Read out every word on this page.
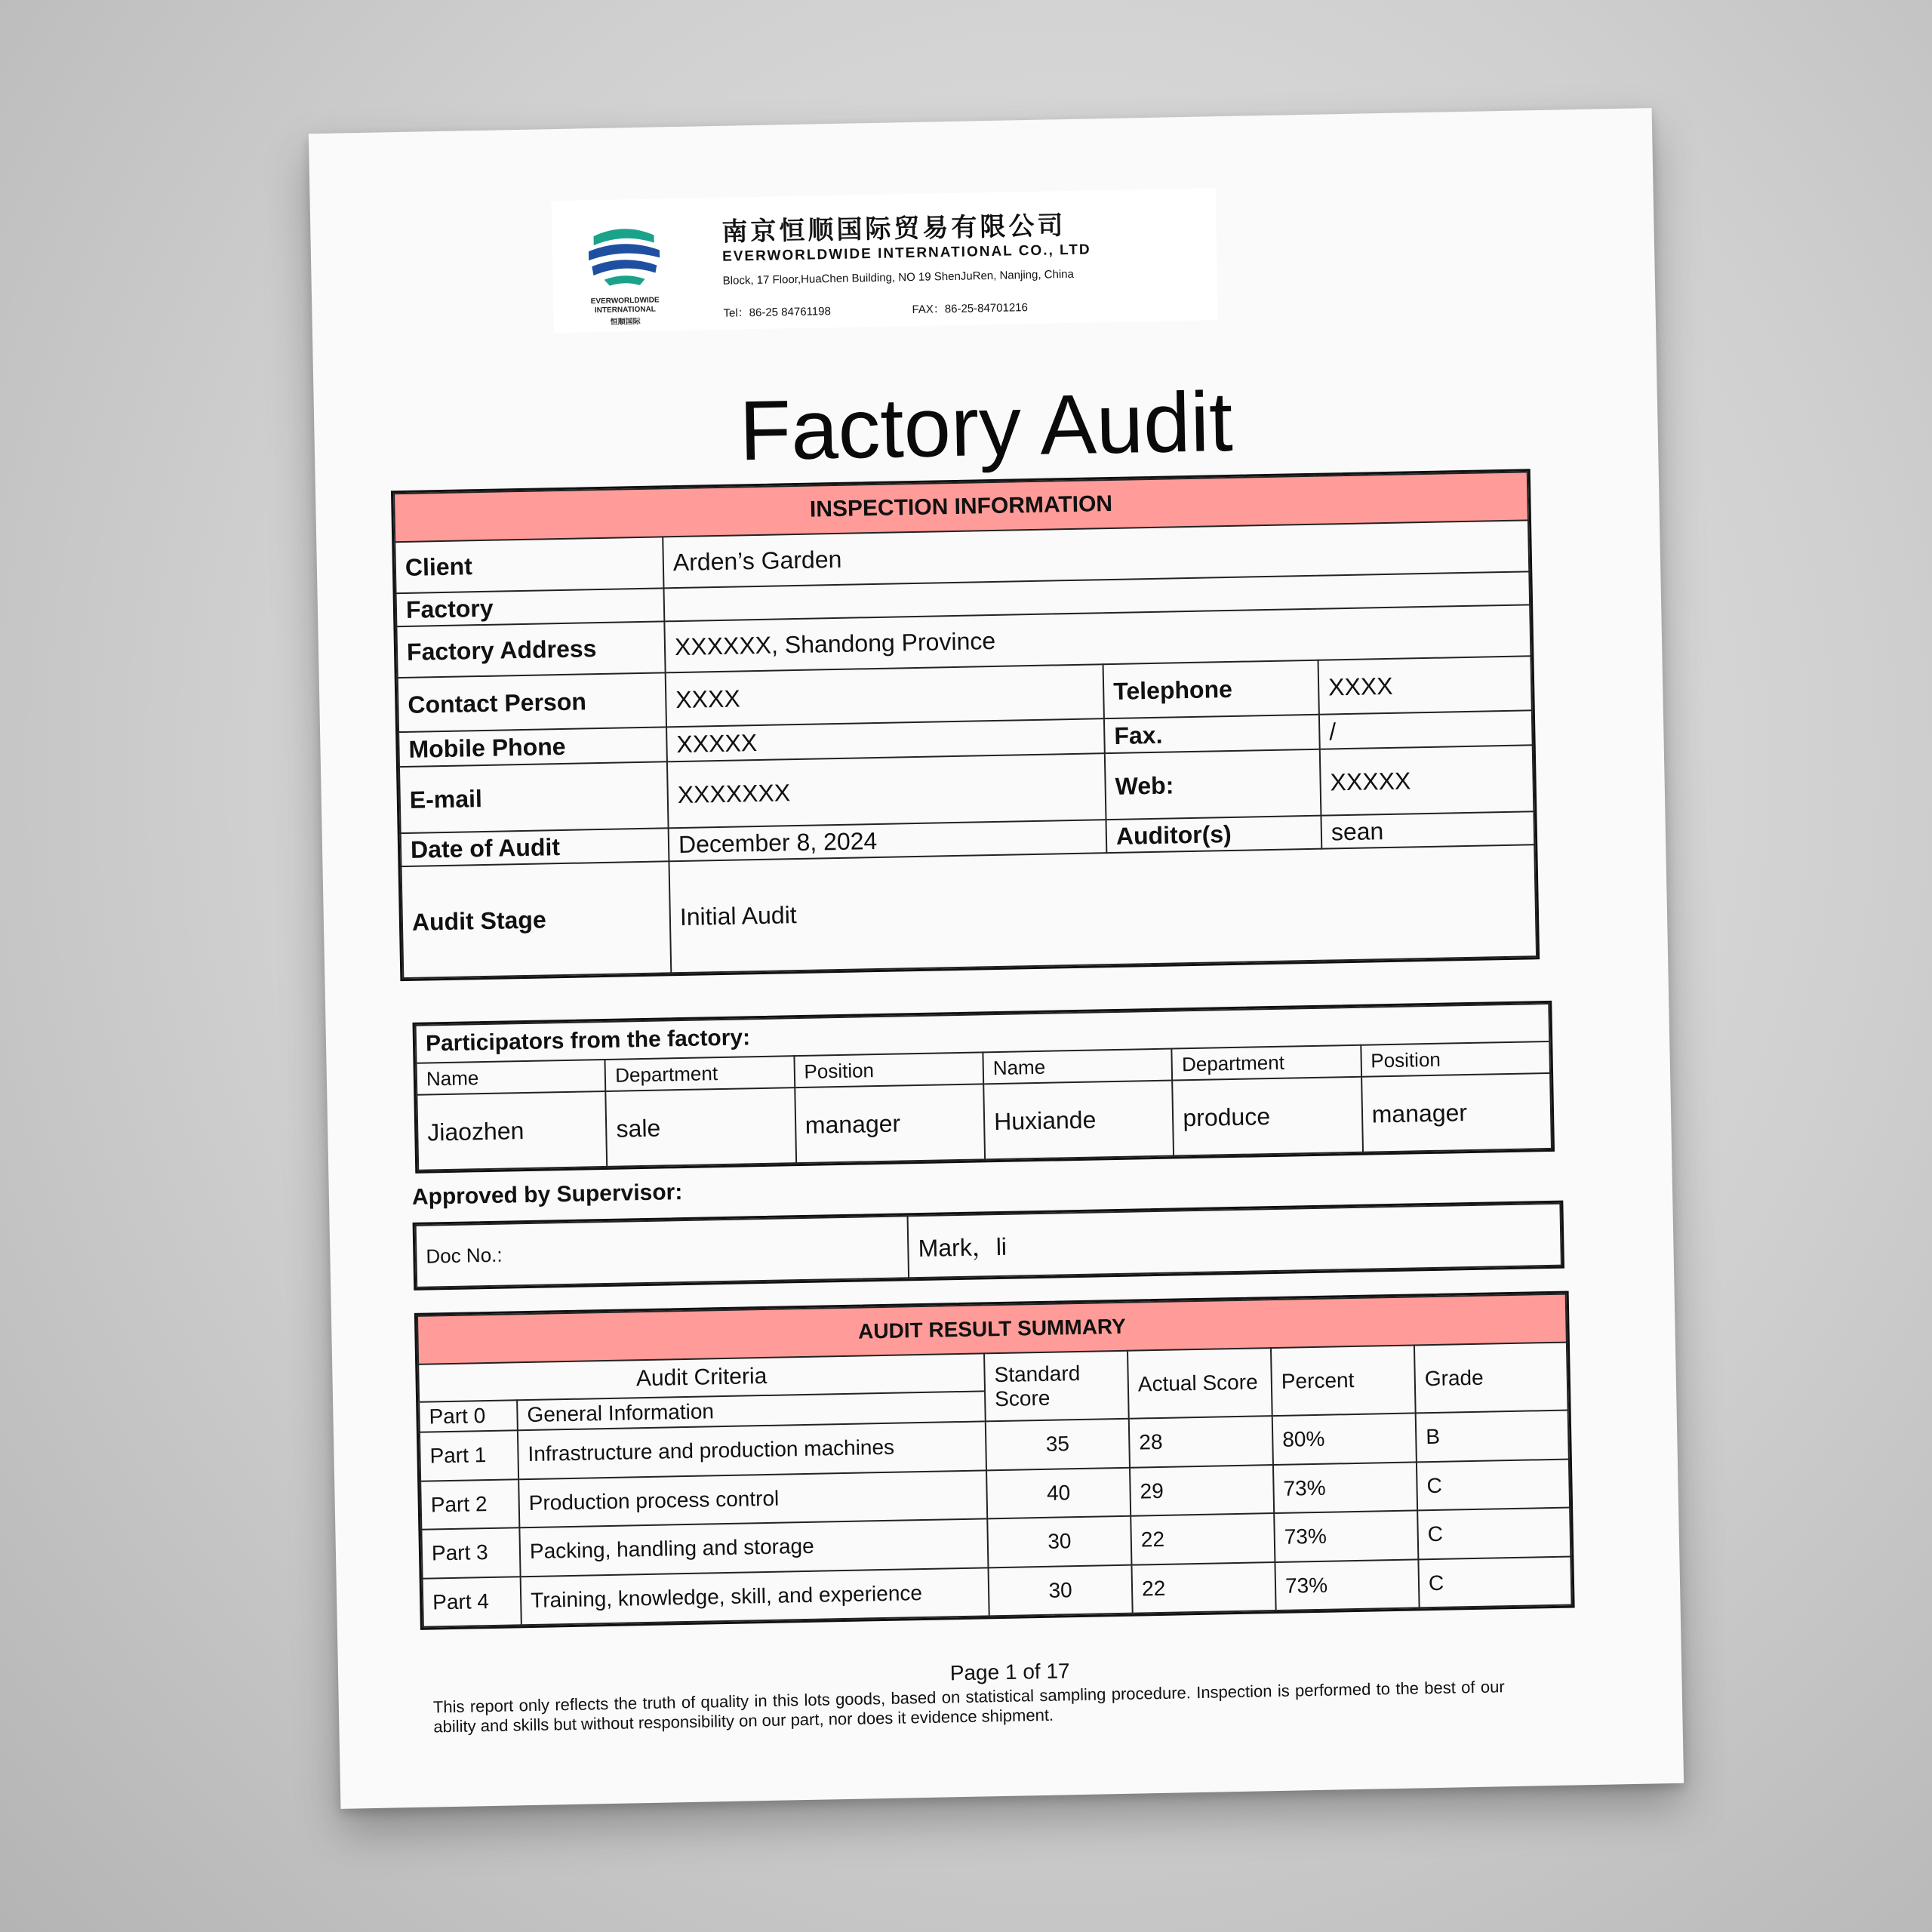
EVERWORLDWIDE INTERNATIONAL
恒顺国际
南京恒顺国际贸易有限公司
EVERWORLDWIDE INTERNATIONAL CO., LTD
Block, 17 Floor,HuaChen Building, NO 19 ShenJuRen, Nanjing, China
Tel：86-25 84761198	FAX：86-25-84701216
Factory Audit
INSPECTION INFORMATION			
Client	Arden’s Garden		
Factory			
Factory Address	XXXXXX, Shandong Province		
Contact Person	XXXX	Telephone	XXXX
Mobile Phone	XXXXX	Fax.	/
E-mail	XXXXXXX	Web:	XXXXX
Date of Audit	December 8, 2024	Auditor(s)	sean
Audit Stage	Initial Audit		
Participators from the factory:					
Name	Department	Position	Name	Department	Position
Jiaozhen	sale	manager	Huxiande	produce	manager
Approved by Supervisor:
Doc No.:	Mark，li
AUDIT RESULT SUMMARY					
Audit Criteria		Standard Score	Actual Score	Percent	Grade
Part 0	General Information				
Part 1	Infrastructure and production machines	35	28	80%	B
Part 2	Production process control	40	29	73%	C
Part 3	Packing, handling and storage	30	22	73%	C
Part 4	Training, knowledge, skill, and experience	30	22	73%	C
Page 1 of 17
This report only reflects the truth of quality in this lots goods, based on statistical sampling procedure. Inspection is performed to the best of our ability and skills but without responsibility on our part, nor does it evidence shipment.
